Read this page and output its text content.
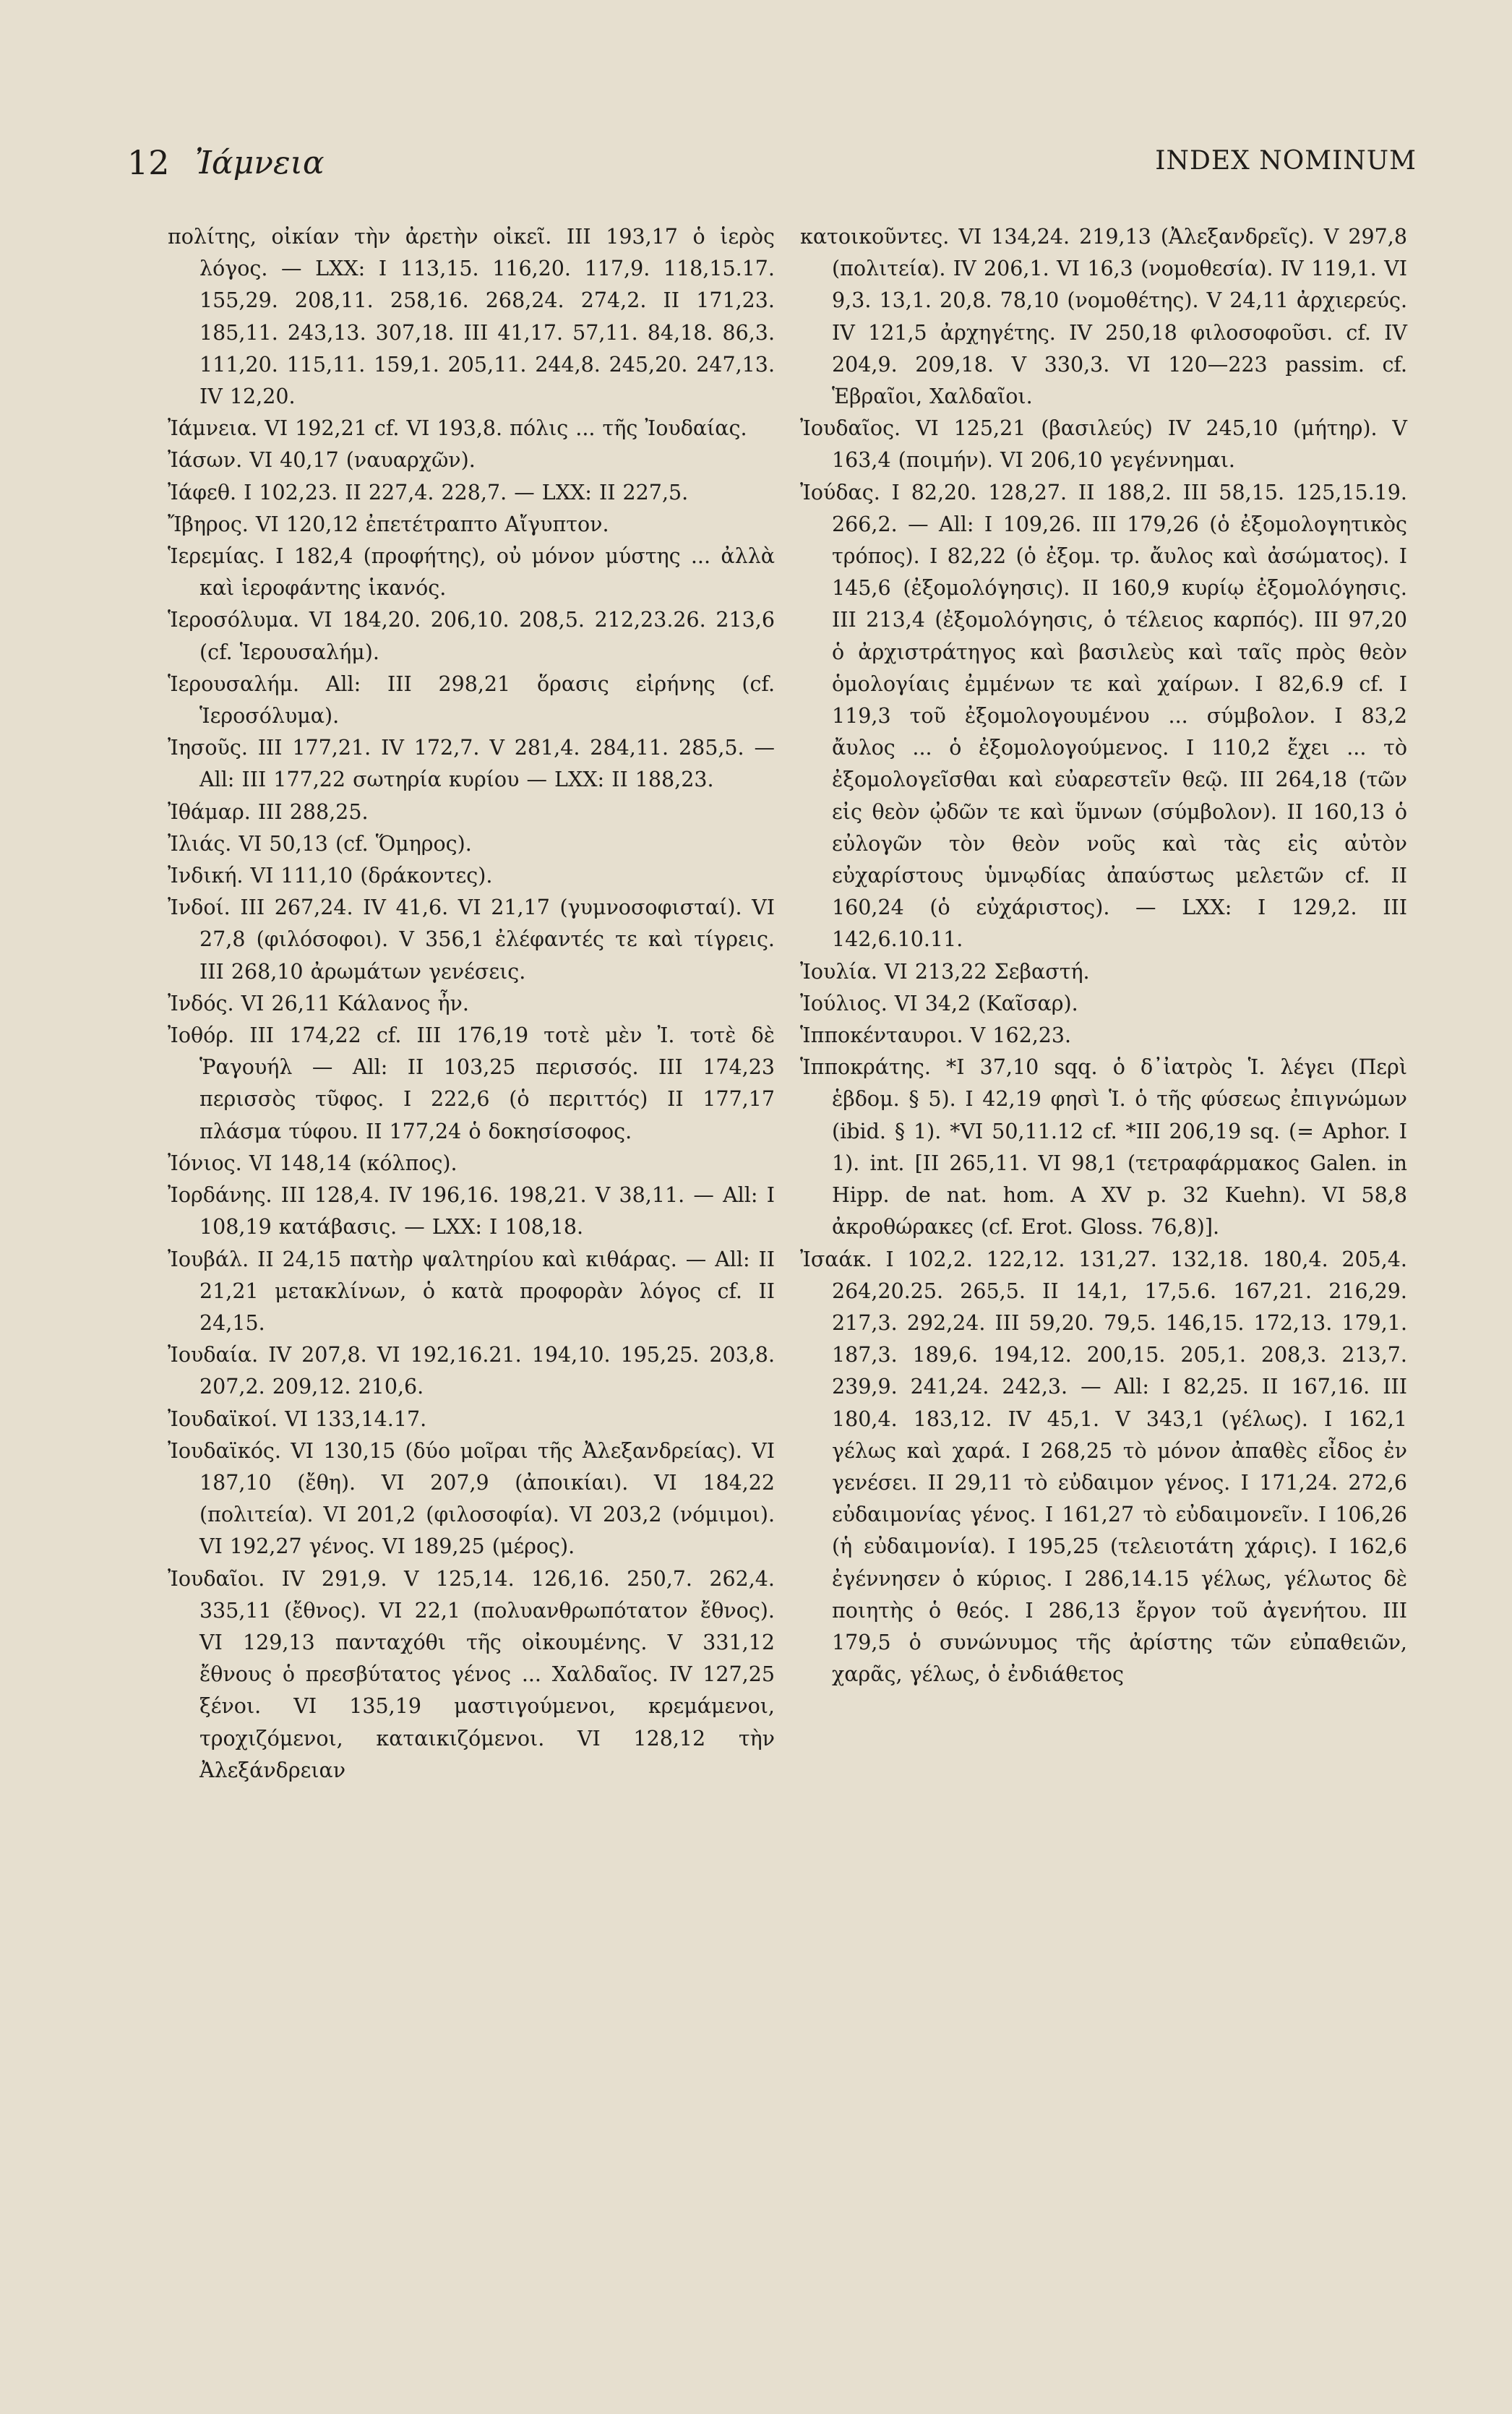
12 Ἰάμνεια	INDEX NOMINUM

πολίτης, οἰκίαν τὴν ἀρετὴν οἰκεῖ. III 193,17 ὁ ἱερὸς λόγος. — LXX: I 113,15. 116,20. 117,9. 118,15.17. 155,29. 208,11. 258,16. 268,24. 274,2. II 171,23. 185,11. 243,13. 307,18. III 41,17. 57,11. 84,18. 86,3. 111,20. 115,11. 159,1. 205,11. 244,8. 245,20. 247,13. IV 12,20.

Ἰάμνεια. VI 192,21 cf. VI 193,8. πόλις ... τῆς Ἰουδαίας.

Ἰάσων. VI 40,17 (ναυαρχῶν).

Ἰάφεθ. I 102,23. II 227,4. 228,7. — LXX: II 227,5.

Ἴβηρος. VI 120,12 ἐπετέτραπτο Αἴγυπτον.

Ἱερεμίας. I 182,4 (προφήτης), οὐ μόνον μύστης ... ἀλλὰ καὶ ἱεροφάντης ἱκανός.

Ἱεροσόλυμα. VI 184,20. 206,10. 208,5. 212,23.26. 213,6 (cf. Ἱερουσαλήμ).

Ἱερουσαλήμ. All: III 298,21 ὅρασις εἰρήνης (cf. Ἱεροσόλυμα).

Ἰησοῦς. III 177,21. IV 172,7. V 281,4. 284,11. 285,5. — All: III 177,22 σωτηρία κυρίου — LXX: II 188,23.

Ἰθάμαρ. III 288,25.

Ἰλιάς. VI 50,13 (cf. Ὅμηρος).

Ἰνδική. VI 111,10 (δράκοντες).

Ἰνδοί. III 267,24. IV 41,6. VI 21,17 (γυμνοσοφισταί). VI 27,8 (φιλόσοφοι). V 356,1 ἐλέφαντές τε καὶ τίγρεις. III 268,10 ἀρωμάτων γενέσεις.

Ἰνδός. VI 26,11 Κάλανος ἦν.

Ἰοθόρ. III 174,22 cf. III 176,19 τοτὲ μὲν Ἰ. τοτὲ δὲ Ῥαγουήλ — All: II 103,25 περισσός. III 174,23 περισσὸς τῦφος. I 222,6 (ὁ περιττός) II 177,17 πλάσμα τύφου. II 177,24 ὁ δοκησίσοφος.

Ἰόνιος. VI 148,14 (κόλπος).

Ἰορδάνης. III 128,4. IV 196,16. 198,21. V 38,11. — All: I 108,19 κατάβασις. — LXX: I 108,18.

Ἰουβάλ. II 24,15 πατὴρ ψαλτηρίου καὶ κιθάρας. — All: II 21,21 μετακλίνων, ὁ κατὰ προφορὰν λόγος cf. II 24,15.

Ἰουδαία. IV 207,8. VI 192,16.21. 194,10. 195,25. 203,8. 207,2. 209,12. 210,6.

Ἰουδαϊκοί. VI 133,14.17.

Ἰουδαϊκός. VI 130,15 (δύο μοῖραι τῆς Ἀλεξανδρείας). VI 187,10 (ἔθη). VI 207,9 (ἀποικίαι). VI 184,22 (πολιτεία). VI 201,2 (φιλοσοφία). VI 203,2 (νόμιμοι). VI 192,27 γένος. VI 189,25 (μέρος).

Ἰουδαῖοι. IV 291,9. V 125,14. 126,16. 250,7. 262,4. 335,11 (ἔθνος). VI 22,1 (πολυανθρωπότατον ἔθνος). VI 129,13 πανταχόθι τῆς οἰκουμένης. V 331,12 ἔθνους ὁ πρεσβύτατος γένος ... Χαλδαῖος. IV 127,25 ξένοι. VI 135,19 μαστιγούμενοι, κρεμάμενοι, τροχιζόμενοι, καταικιζόμενοι. VI 128,12 τὴν Ἀλεξάνδρειαν

κατοικοῦντες. VI 134,24. 219,13 (Ἀλεξανδρεῖς). V 297,8 (πολιτεία). IV 206,1. VI 16,3 (νομοθεσία). IV 119,1. VI 9,3. 13,1. 20,8. 78,10 (νομοθέτης). V 24,11 ἀρχιερεύς. IV 121,5 ἀρχηγέτης. IV 250,18 φιλοσοφοῦσι. cf. IV 204,9. 209,18. V 330,3. VI 120—223 passim. cf. Ἑβραῖοι, Χαλδαῖοι.

Ἰουδαῖος. VI 125,21 (βασιλεύς) IV 245,10 (μήτηρ). V 163,4 (ποιμήν). VI 206,10 γεγέννημαι.

Ἰούδας. I 82,20. 128,27. II 188,2. III 58,15. 125,15.19. 266,2. — All: I 109,26. III 179,26 (ὁ ἐξομολογητικὸς τρόπος). I 82,22 (ὁ ἐξομ. τρ. ἄυλος καὶ ἀσώματος). I 145,6 (ἐξομολόγησις). II 160,9 κυρίῳ ἐξομολόγησις. III 213,4 (ἐξομολόγησις, ὁ τέλειος καρπός). III 97,20 ὁ ἀρχιστράτηγος καὶ βασιλεὺς καὶ ταῖς πρὸς θεὸν ὁμολογίαις ἐμμένων τε καὶ χαίρων. I 82,6.9 cf. I 119,3 τοῦ ἐξομολογουμένου ... σύμβολον. I 83,2 ἄυλος ... ὁ ἐξομολογούμενος. I 110,2 ἔχει ... τὸ ἐξομολογεῖσθαι καὶ εὐαρεστεῖν θεῷ. III 264,18 (τῶν εἰς θεὸν ᾠδῶν τε καὶ ὕμνων (σύμβολον). II 160,13 ὁ εὐλογῶν τὸν θεὸν νοῦς καὶ τὰς εἰς αὐτὸν εὐχαρίστους ὑμνῳδίας ἀπαύστως μελετῶν cf. II 160,24 (ὁ εὐχάριστος). — LXX: I 129,2. III 142,6.10.11.

Ἰουλία. VI 213,22 Σεβαστή.

Ἰούλιος. VI 34,2 (Καῖσαρ).

Ἱπποκένταυροι. V 162,23.

Ἱπποκράτης. *I 37,10 sqq. ὁ δ᾽ἰατρὸς Ἱ. λέγει (Περὶ ἑβδομ. § 5). I 42,19 φησὶ Ἱ. ὁ τῆς φύσεως ἐπιγνώμων (ibid. § 1). *VI 50,11.12 cf. *III 206,19 sq. (= Aphor. I 1). int. [II 265,11. VI 98,1 (τετραφάρμακος Galen. in Hipp. de nat. hom. A XV p. 32 Kuehn). VI 58,8 ἀκροθώρακες (cf. Erot. Gloss. 76,8)].

Ἰσαάκ. I 102,2. 122,12. 131,27. 132,18. 180,4. 205,4. 264,20.25. 265,5. II 14,1, 17,5.6. 167,21. 216,29. 217,3. 292,24. III 59,20. 79,5. 146,15. 172,13. 179,1. 187,3. 189,6. 194,12. 200,15. 205,1. 208,3. 213,7. 239,9. 241,24. 242,3. — All: I 82,25. II 167,16. III 180,4. 183,12. IV 45,1. V 343,1 (γέλως). I 162,1 γέλως καὶ χαρά. I 268,25 τὸ μόνον ἀπαθὲς εἶδος ἐν γενέσει. II 29,11 τὸ εὐδαιμον γένος. I 171,24. 272,6 εὐδαιμονίας γένος. I 161,27 τὸ εὐδαιμονεῖν. I 106,26 (ἡ εὐδαιμονία). I 195,25 (τελειοτάτη χάρις). I 162,6 ἐγέννησεν ὁ κύριος. I 286,14.15 γέλως, γέλωτος δὲ ποιητὴς ὁ θεός. I 286,13 ἔργον τοῦ ἀγενήτου. III 179,5 ὁ συνώνυμος τῆς ἀρίστης τῶν εὐπαθειῶν, χαρᾶς, γέλως, ὁ ἐνδιάθετος
